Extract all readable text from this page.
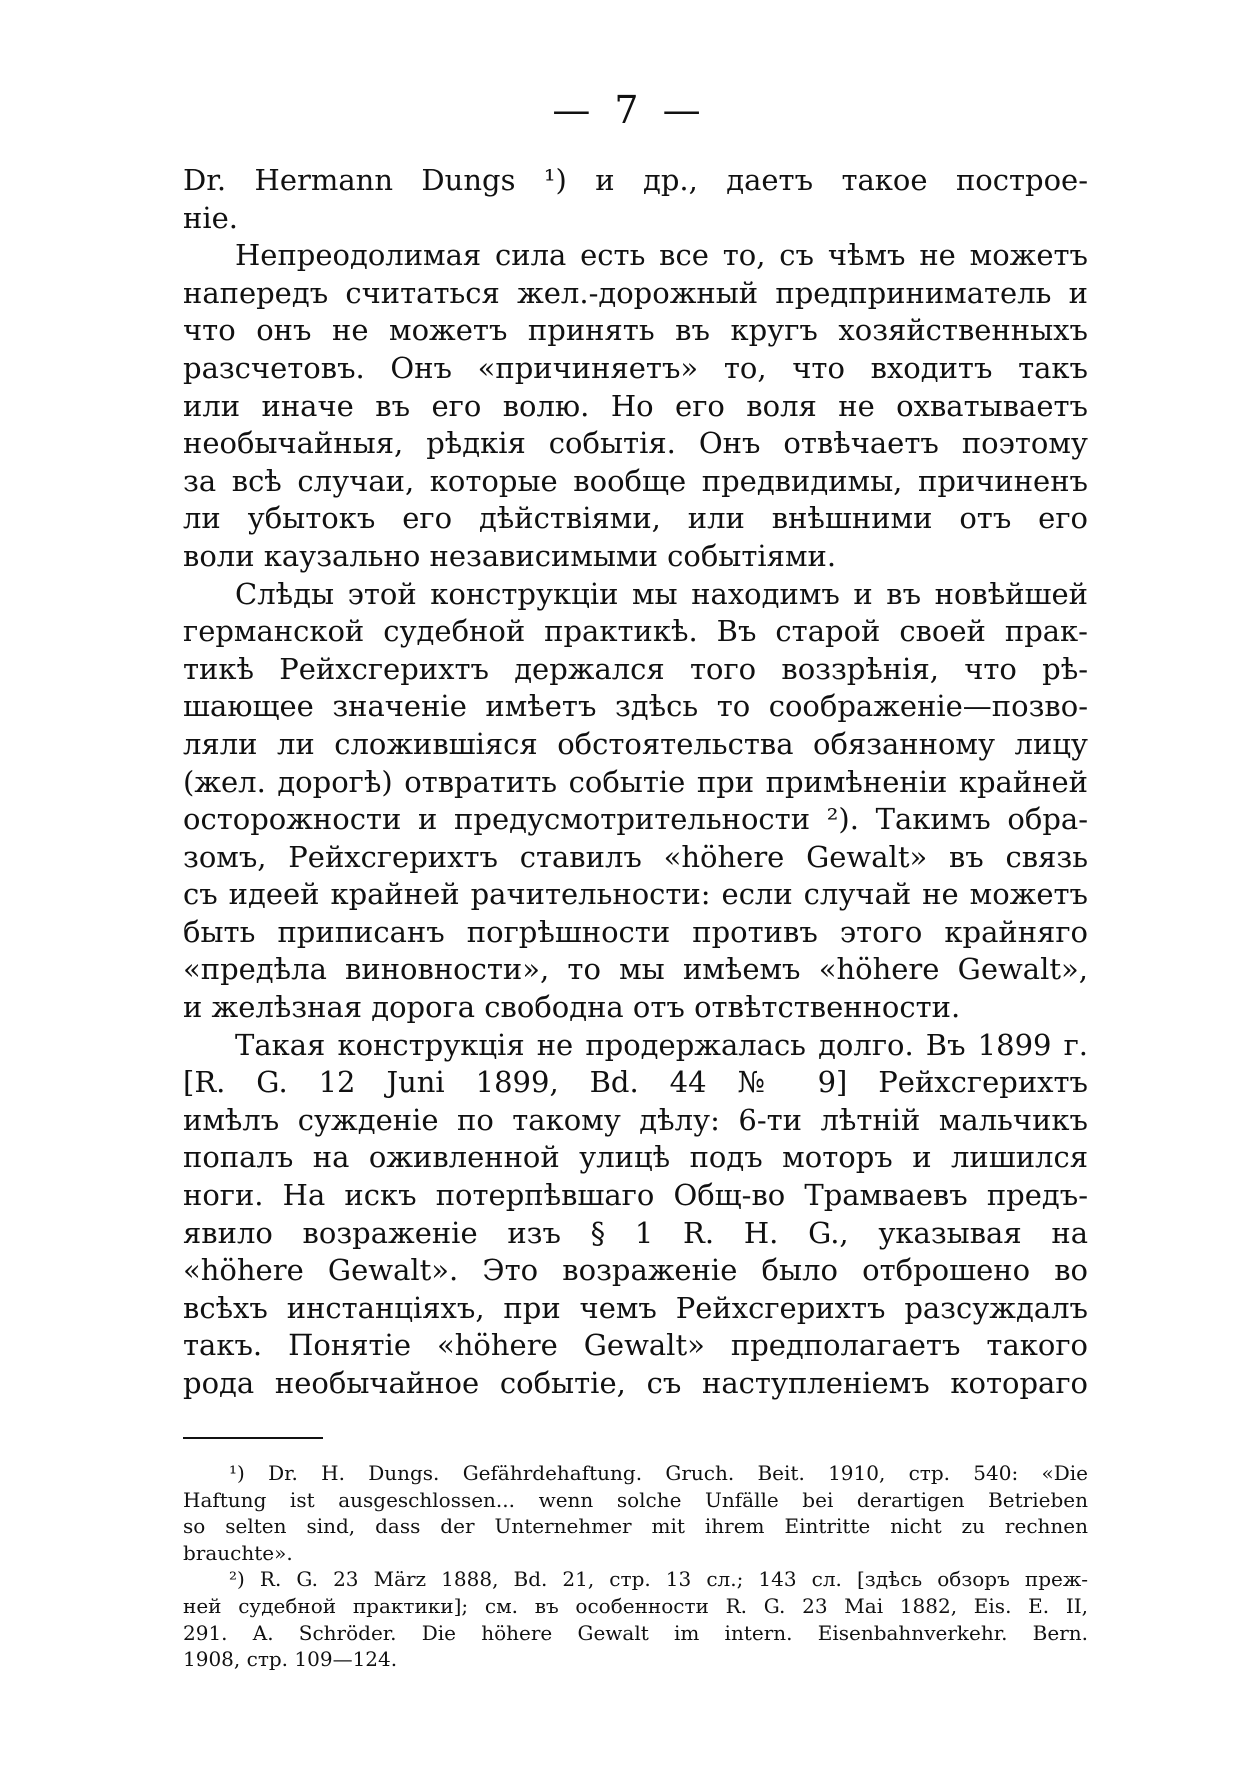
— 7 —
Dr. Hermann Dungs ¹) и др., даетъ такое построе-
нie.
Непреодолимая сила есть все то, съ чѣмъ не можетъ
напередъ считаться жел.-дорожный предприниматель и
что онъ не можетъ принять въ кругъ хозяйственныхъ
разсчетовъ. Онъ «причиняетъ» то, что входитъ такъ
или иначе въ его волю. Но его воля не охватываетъ
необычайныя, рѣдкiя событiя. Онъ отвѣчаетъ поэтому
за всѣ случаи, которые вообще предвидимы, причиненъ
ли убытокъ его дѣйствiями, или внѣшними отъ его
воли каузально независимыми событiями.
Слѣды этой конструкцiи мы находимъ и въ новѣйшей
германской судебной практикѣ. Въ старой своей прак-
тикѣ Рейхсгерихтъ держался того воззрѣнiя, что рѣ-
шающее значенiе имѣетъ здѣсь то соображенiе—позво-
ляли ли сложившiяся обстоятельства обязанному лицу
(жел. дорогѣ) отвратить событiе при примѣненiи крайней
осторожности и предусмотрительности ²). Такимъ обра-
зомъ, Рейхсгерихтъ ставилъ «höhere Gewalt» въ связь
съ идеей крайней рачительности: если случай не можетъ
быть приписанъ погрѣшности противъ этого крайняго
«предѣла виновности», то мы имѣемъ «höhere Gewalt»,
и желѣзная дорога свободна отъ отвѣтственности.
Такая конструкцiя не продержалась долго. Въ 1899 г.
[R. G. 12 Juni 1899, Bd. 44 № 9] Рейхсгерихтъ
имѣлъ сужденiе по такому дѣлу: 6-ти лѣтнiй мальчикъ
попалъ на оживленной улицѣ подъ моторъ и лишился
ноги. На искъ потерпѣвшаго Общ-во Трамваевъ предъ-
явило возраженiе изъ § 1 R. H. G., указывая на
«höhere Gewalt». Это возраженiе было отброшено во
всѣхъ инстанцiяхъ, при чемъ Рейхсгерихтъ разсуждалъ
такъ. Понятiе «höhere Gewalt» предполагаетъ такого
рода необычайное событiе, съ наступленiемъ котораго
¹) Dr. H. Dungs. Gefährdehaftung. Gruch. Beit. 1910, стр. 540: «Die
Haftung ist ausgeschlossen... wenn solche Unfälle bei derartigen Betrieben
so selten sind, dass der Unternehmer mit ihrem Eintritte nicht zu rechnen
brauchte».
²) R. G. 23 März 1888, Bd. 21, стр. 13 сл.; 143 сл. [здѣсь обзоръ преж-
ней судебной практики]; см. въ особенности R. G. 23 Mai 1882, Eis. E. II,
291. A. Schröder. Die höhere Gewalt im intern. Eisenbahnverkehr. Bern.
1908, стр. 109—124.
